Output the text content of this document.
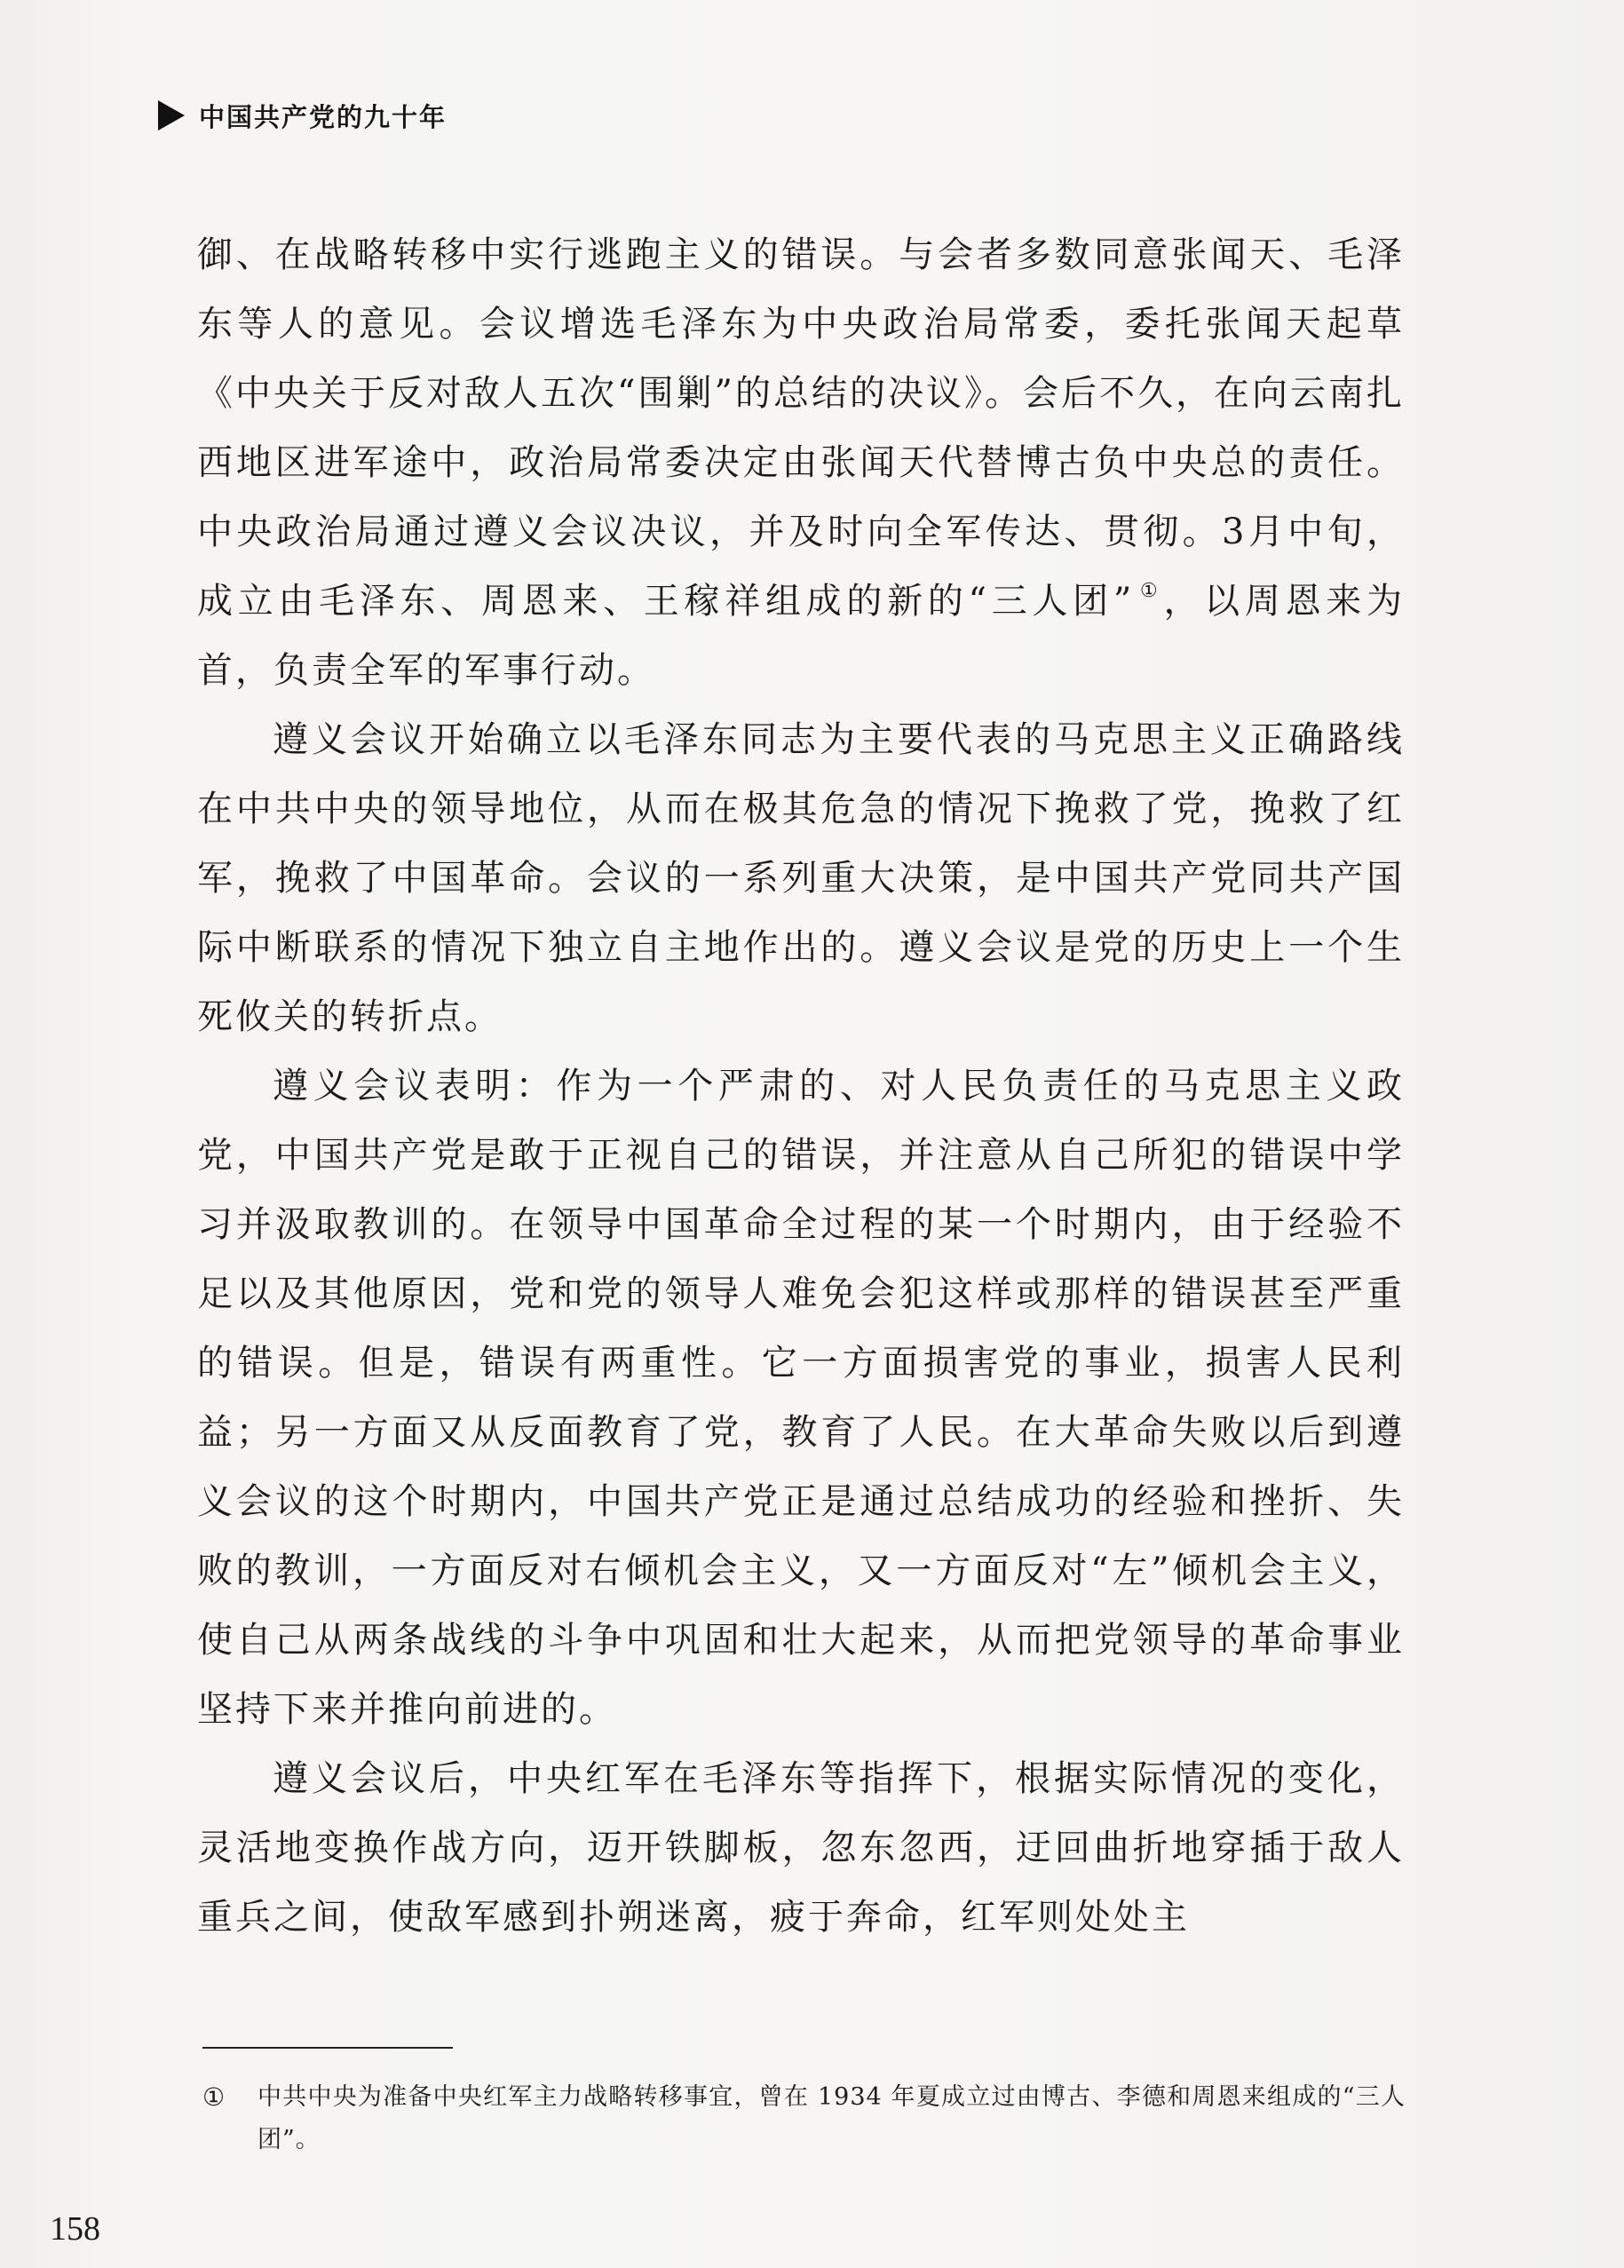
中国共产党的九十年

御、在战略转移中实行逃跑主义的错误。与会者多数同意张闻天、毛泽东等人的意见。会议增选毛泽东为中央政治局常委，委托张闻天起草《中央关于反对敌人五次“围剿”的总结的决议》。会后不久，在向云南扎西地区进军途中，政治局常委决定由张闻天代替博古负中央总的责任。中央政治局通过遵义会议决议，并及时向全军传达、贯彻。3月中旬，成立由毛泽东、周恩来、王稼祥组成的新的“三人团” ① ，以周恩来为首，负责全军的军事行动。

遵义会议开始确立以毛泽东同志为主要代表的马克思主义正确路线在中共中央的领导地位，从而在极其危急的情况下挽救了党，挽救了红军，挽救了中国革命。会议的一系列重大决策，是中国共产党同共产国际中断联系的情况下独立自主地作出的。遵义会议是党的历史上一个生死攸关的转折点。

遵义会议表明：作为一个严肃的、对人民负责任的马克思主义政党，中国共产党是敢于正视自己的错误，并注意从自己所犯的错误中学习并汲取教训的。在领导中国革命全过程的某一个时期内，由于经验不足以及其他原因，党和党的领导人难免会犯这样或那样的错误甚至严重的错误。但是，错误有两重性。它一方面损害党的事业，损害人民利益；另一方面又从反面教育了党，教育了人民。在大革命失败以后到遵义会议的这个时期内，中国共产党正是通过总结成功的经验和挫折、失败的教训，一方面反对右倾机会主义，又一方面反对“左”倾机会主义，使自己从两条战线的斗争中巩固和壮大起来，从而把党领导的革命事业坚持下来并推向前进的。

遵义会议后，中央红军在毛泽东等指挥下，根据实际情况的变化，灵活地变换作战方向，迈开铁脚板，忽东忽西，迂回曲折地穿插于敌人重兵之间，使敌军感到扑朔迷离，疲于奔命，红军则处处主

①	中共中央为准备中央红军主力战略转移事宜，曾在 1934 年夏成立过由博古、李德和周恩来组成的“三人团”。
158
